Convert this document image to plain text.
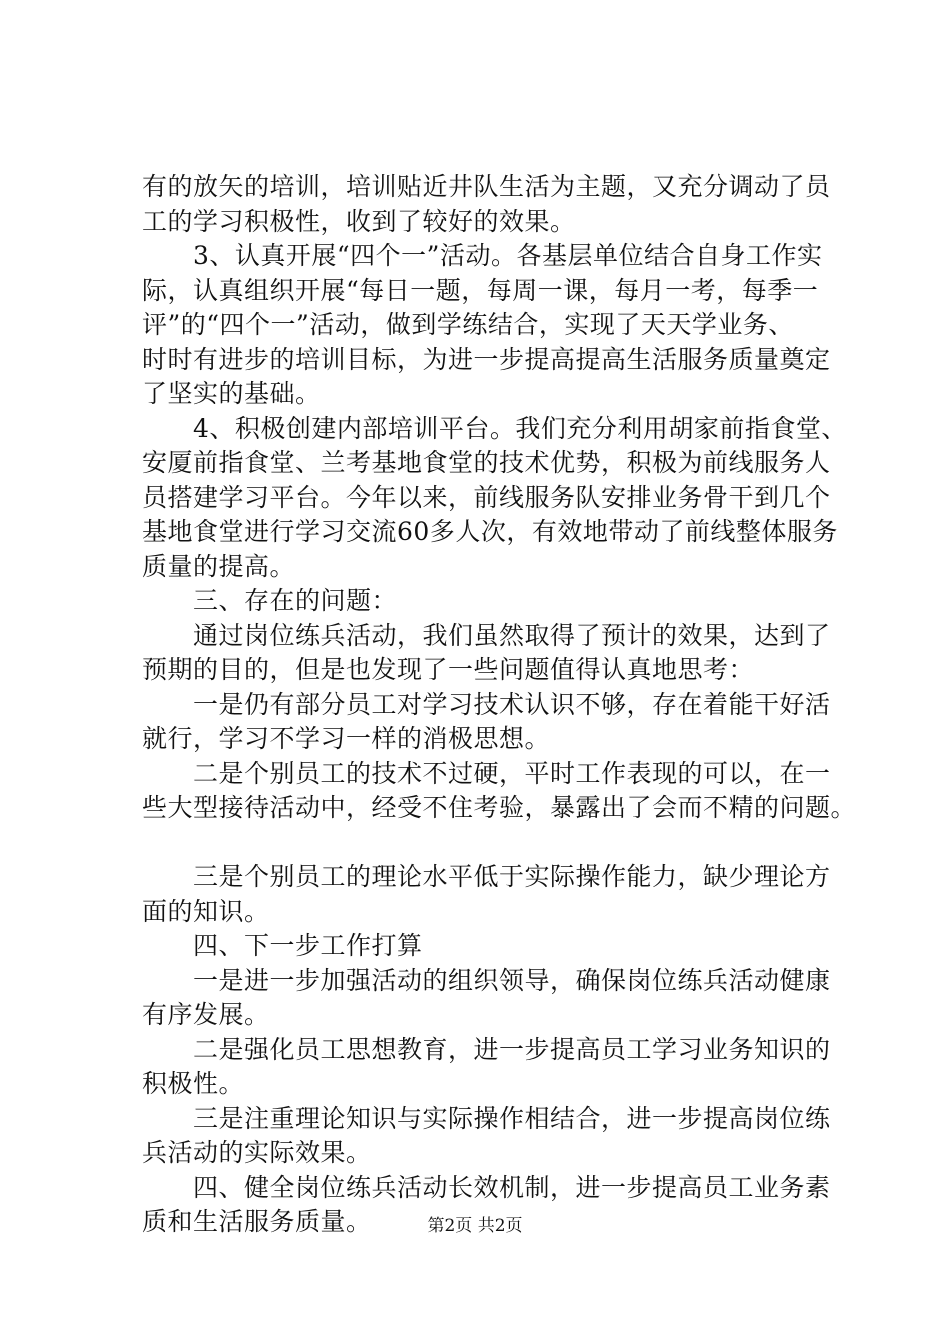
有的放矢的培训，培训贴近井队生活为主题，又充分调动了员
工的学习积极性，收到了较好的效果。
　　3、认真开展“四个一”活动。各基层单位结合自身工作实
际，认真组织开展“每日一题，每周一课，每月一考，每季一
评”的“四个一”活动，做到学练结合，实现了天天学业务、
时时有进步的培训目标，为进一步提高提高生活服务质量奠定
了坚实的基础。
　　4、积极创建内部培训平台。我们充分利用胡家前指食堂、
安厦前指食堂、兰考基地食堂的技术优势，积极为前线服务人
员搭建学习平台。今年以来，前线服务队安排业务骨干到几个
基地食堂进行学习交流60多人次，有效地带动了前线整体服务
质量的提高。
　　三、存在的问题：
　　通过岗位练兵活动，我们虽然取得了预计的效果，达到了
预期的目的，但是也发现了一些问题值得认真地思考：
　　一是仍有部分员工对学习技术认识不够，存在着能干好活
就行，学习不学习一样的消极思想。
　　二是个别员工的技术不过硬，平时工作表现的可以，在一
些大型接待活动中，经受不住考验，暴露出了会而不精的问题。
　　三是个别员工的理论水平低于实际操作能力，缺少理论方
面的知识。
　　四、下一步工作打算
　　一是进一步加强活动的组织领导，确保岗位练兵活动健康
有序发展。
　　二是强化员工思想教育，进一步提高员工学习业务知识的
积极性。
　　三是注重理论知识与实际操作相结合，进一步提高岗位练
兵活动的实际效果。
　　四、健全岗位练兵活动长效机制，进一步提高员工业务素
质和生活服务质量。	第2页 共2页
